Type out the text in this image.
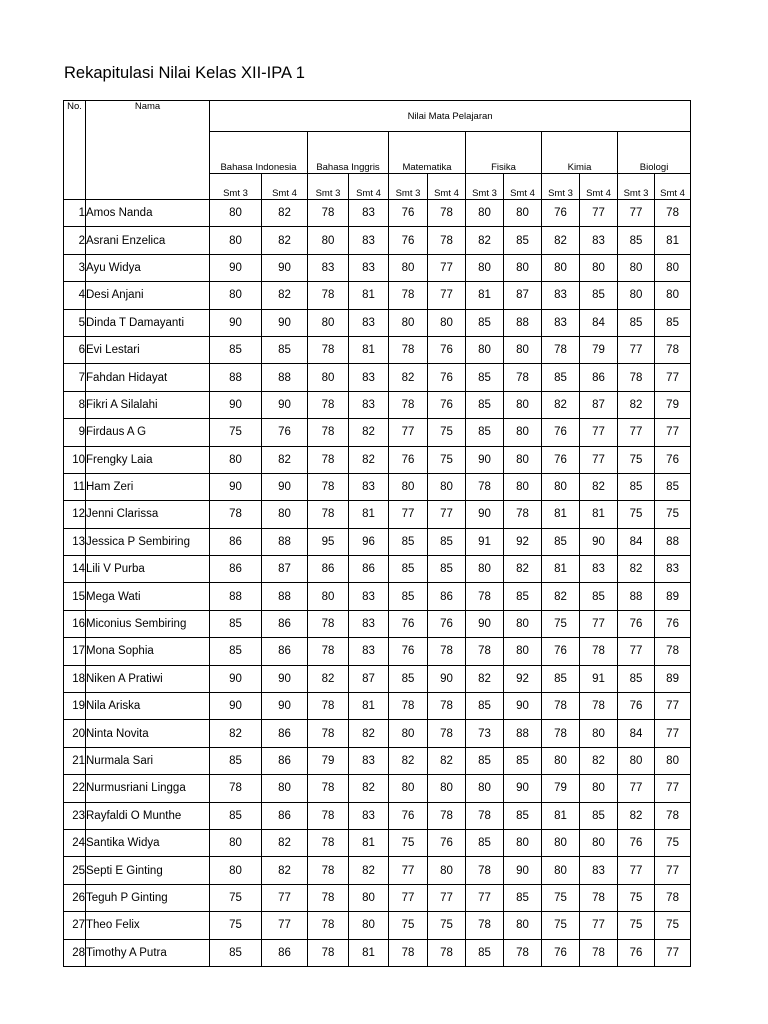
Rekapitulasi Nilai Kelas XII-IPA 1
No.	Nama	Nilai Mata Pelajaran											
		Bahasa Indonesia		Bahasa Inggris		Matematika		Fisika		Kimia		Biologi	
		Smt 3	Smt 4	Smt 3	Smt 4	Smt 3	Smt 4	Smt 3	Smt 4	Smt 3	Smt 4	Smt 3	Smt 4
1	Amos Nanda	80	82	78	83	76	78	80	80	76	77	77	78
2	Asrani Enzelica	80	82	80	83	76	78	82	85	82	83	85	81
3	Ayu Widya	90	90	83	83	80	77	80	80	80	80	80	80
4	Desi Anjani	80	82	78	81	78	77	81	87	83	85	80	80
5	Dinda T Damayanti	90	90	80	83	80	80	85	88	83	84	85	85
6	Evi Lestari	85	85	78	81	78	76	80	80	78	79	77	78
7	Fahdan Hidayat	88	88	80	83	82	76	85	78	85	86	78	77
8	Fikri A Silalahi	90	90	78	83	78	76	85	80	82	87	82	79
9	Firdaus A G	75	76	78	82	77	75	85	80	76	77	77	77
10	Frengky Laia	80	82	78	82	76	75	90	80	76	77	75	76
11	Ham Zeri	90	90	78	83	80	80	78	80	80	82	85	85
12	Jenni Clarissa	78	80	78	81	77	77	90	78	81	81	75	75
13	Jessica P Sembiring	86	88	95	96	85	85	91	92	85	90	84	88
14	Lili V Purba	86	87	86	86	85	85	80	82	81	83	82	83
15	Mega Wati	88	88	80	83	85	86	78	85	82	85	88	89
16	Miconius Sembiring	85	86	78	83	76	76	90	80	75	77	76	76
17	Mona Sophia	85	86	78	83	76	78	78	80	76	78	77	78
18	Niken A Pratiwi	90	90	82	87	85	90	82	92	85	91	85	89
19	Nila Ariska	90	90	78	81	78	78	85	90	78	78	76	77
20	Ninta Novita	82	86	78	82	80	78	73	88	78	80	84	77
21	Nurmala Sari	85	86	79	83	82	82	85	85	80	82	80	80
22	Nurmusriani Lingga	78	80	78	82	80	80	80	90	79	80	77	77
23	Rayfaldi O Munthe	85	86	78	83	76	78	78	85	81	85	82	78
24	Santika Widya	80	82	78	81	75	76	85	80	80	80	76	75
25	Septi E Ginting	80	82	78	82	77	80	78	90	80	83	77	77
26	Teguh P Ginting	75	77	78	80	77	77	77	85	75	78	75	78
27	Theo Felix	75	77	78	80	75	75	78	80	75	77	75	75
28	Timothy A Putra	85	86	78	81	78	78	85	78	76	78	76	77
